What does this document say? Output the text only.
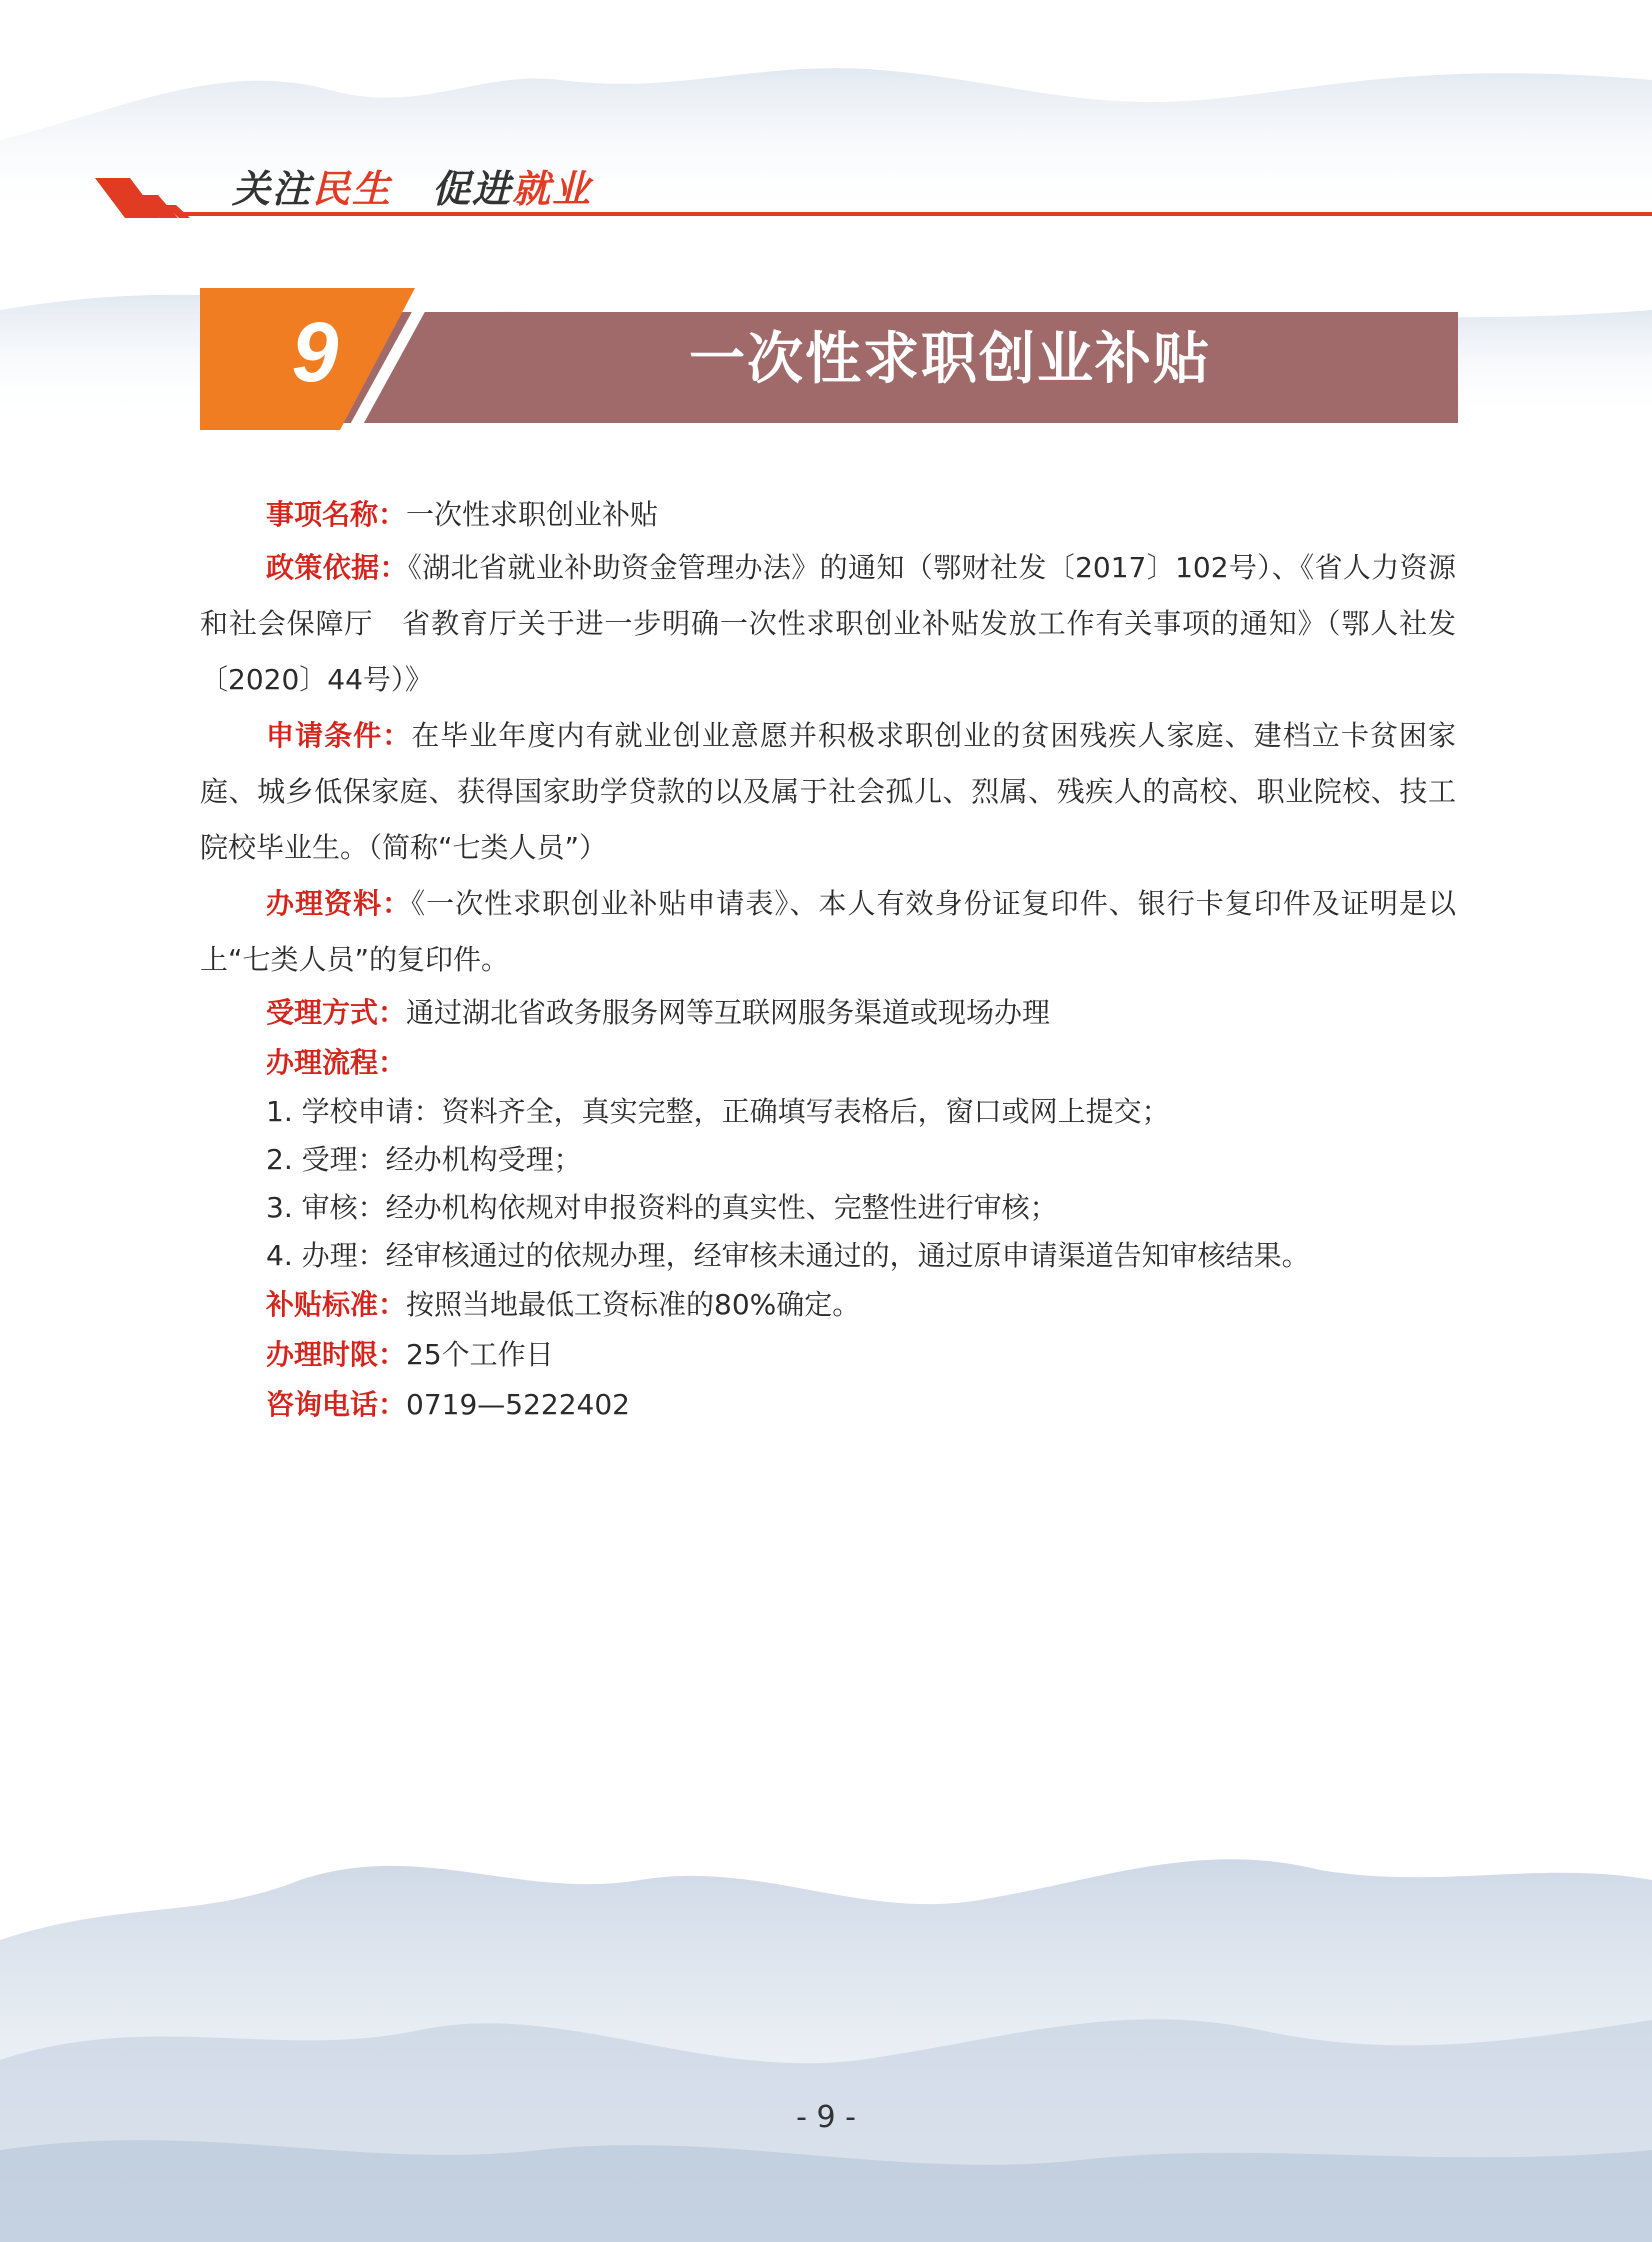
关注民生 促进就业
9	一次性求职创业补贴

事项名称：一次性求职创业补贴

政策依据：《湖北省就业补助资金管理办法》的通知（鄂财社发〔2017〕102号）、《省人力资源和社会保障厅　省教育厅关于进一步明确一次性求职创业补贴发放工作有关事项的通知》（鄂人社发〔2020〕44号）》

申请条件：在毕业年度内有就业创业意愿并积极求职创业的贫困残疾人家庭、建档立卡贫困家庭、城乡低保家庭、获得国家助学贷款的以及属于社会孤儿、烈属、残疾人的高校、职业院校、技工院校毕业生。（简称“七类人员”）

办理资料：《一次性求职创业补贴申请表》、本人有效身份证复印件、银行卡复印件及证明是以上“七类人员”的复印件。

受理方式：通过湖北省政务服务网等互联网服务渠道或现场办理

办理流程：

1. 学校申请：资料齐全，真实完整，正确填写表格后，窗口或网上提交；

2. 受理：经办机构受理；

3. 审核：经办机构依规对申报资料的真实性、完整性进行审核；

4. 办理：经审核通过的依规办理，经审核未通过的，通过原申请渠道告知审核结果。

补贴标准：按照当地最低工资标准的80%确定。

办理时限：25个工作日

咨询电话：0719—5222402

- 9 -
